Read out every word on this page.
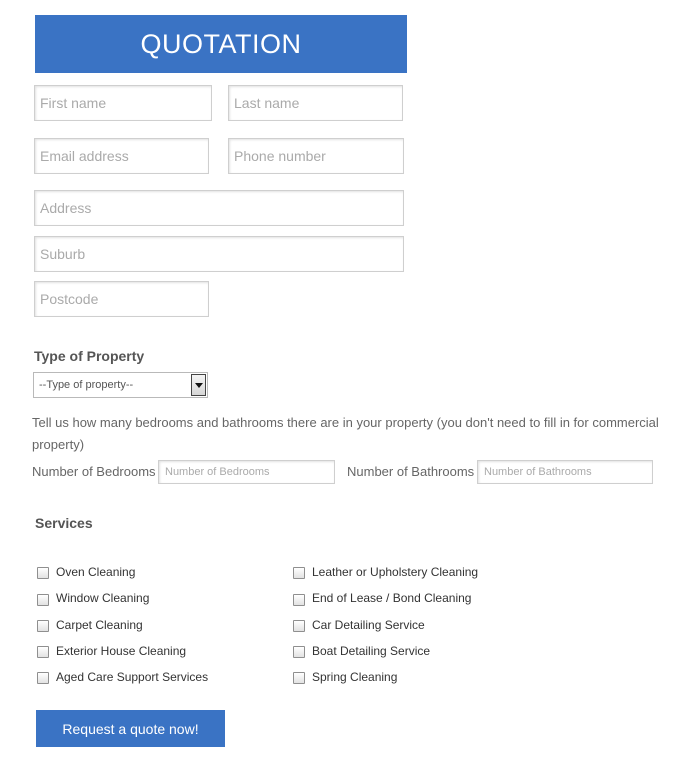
QUOTATION
First name
Last name
Email address
Phone number
Address
Suburb
Postcode
Type of Property
--Type of property--
Tell us how many bedrooms and bathrooms there are in your property (you don't need to fill in for commercial property)
Number of Bedrooms
Number of Bedrooms	Number of Bathrooms
Number of Bathrooms
Services
Oven Cleaning
Window Cleaning
Carpet Cleaning
Exterior House Cleaning
Aged Care Support Services
Leather or Upholstery Cleaning
End of Lease / Bond Cleaning
Car Detailing Service
Boat Detailing Service
Spring Cleaning
Request a quote now!
